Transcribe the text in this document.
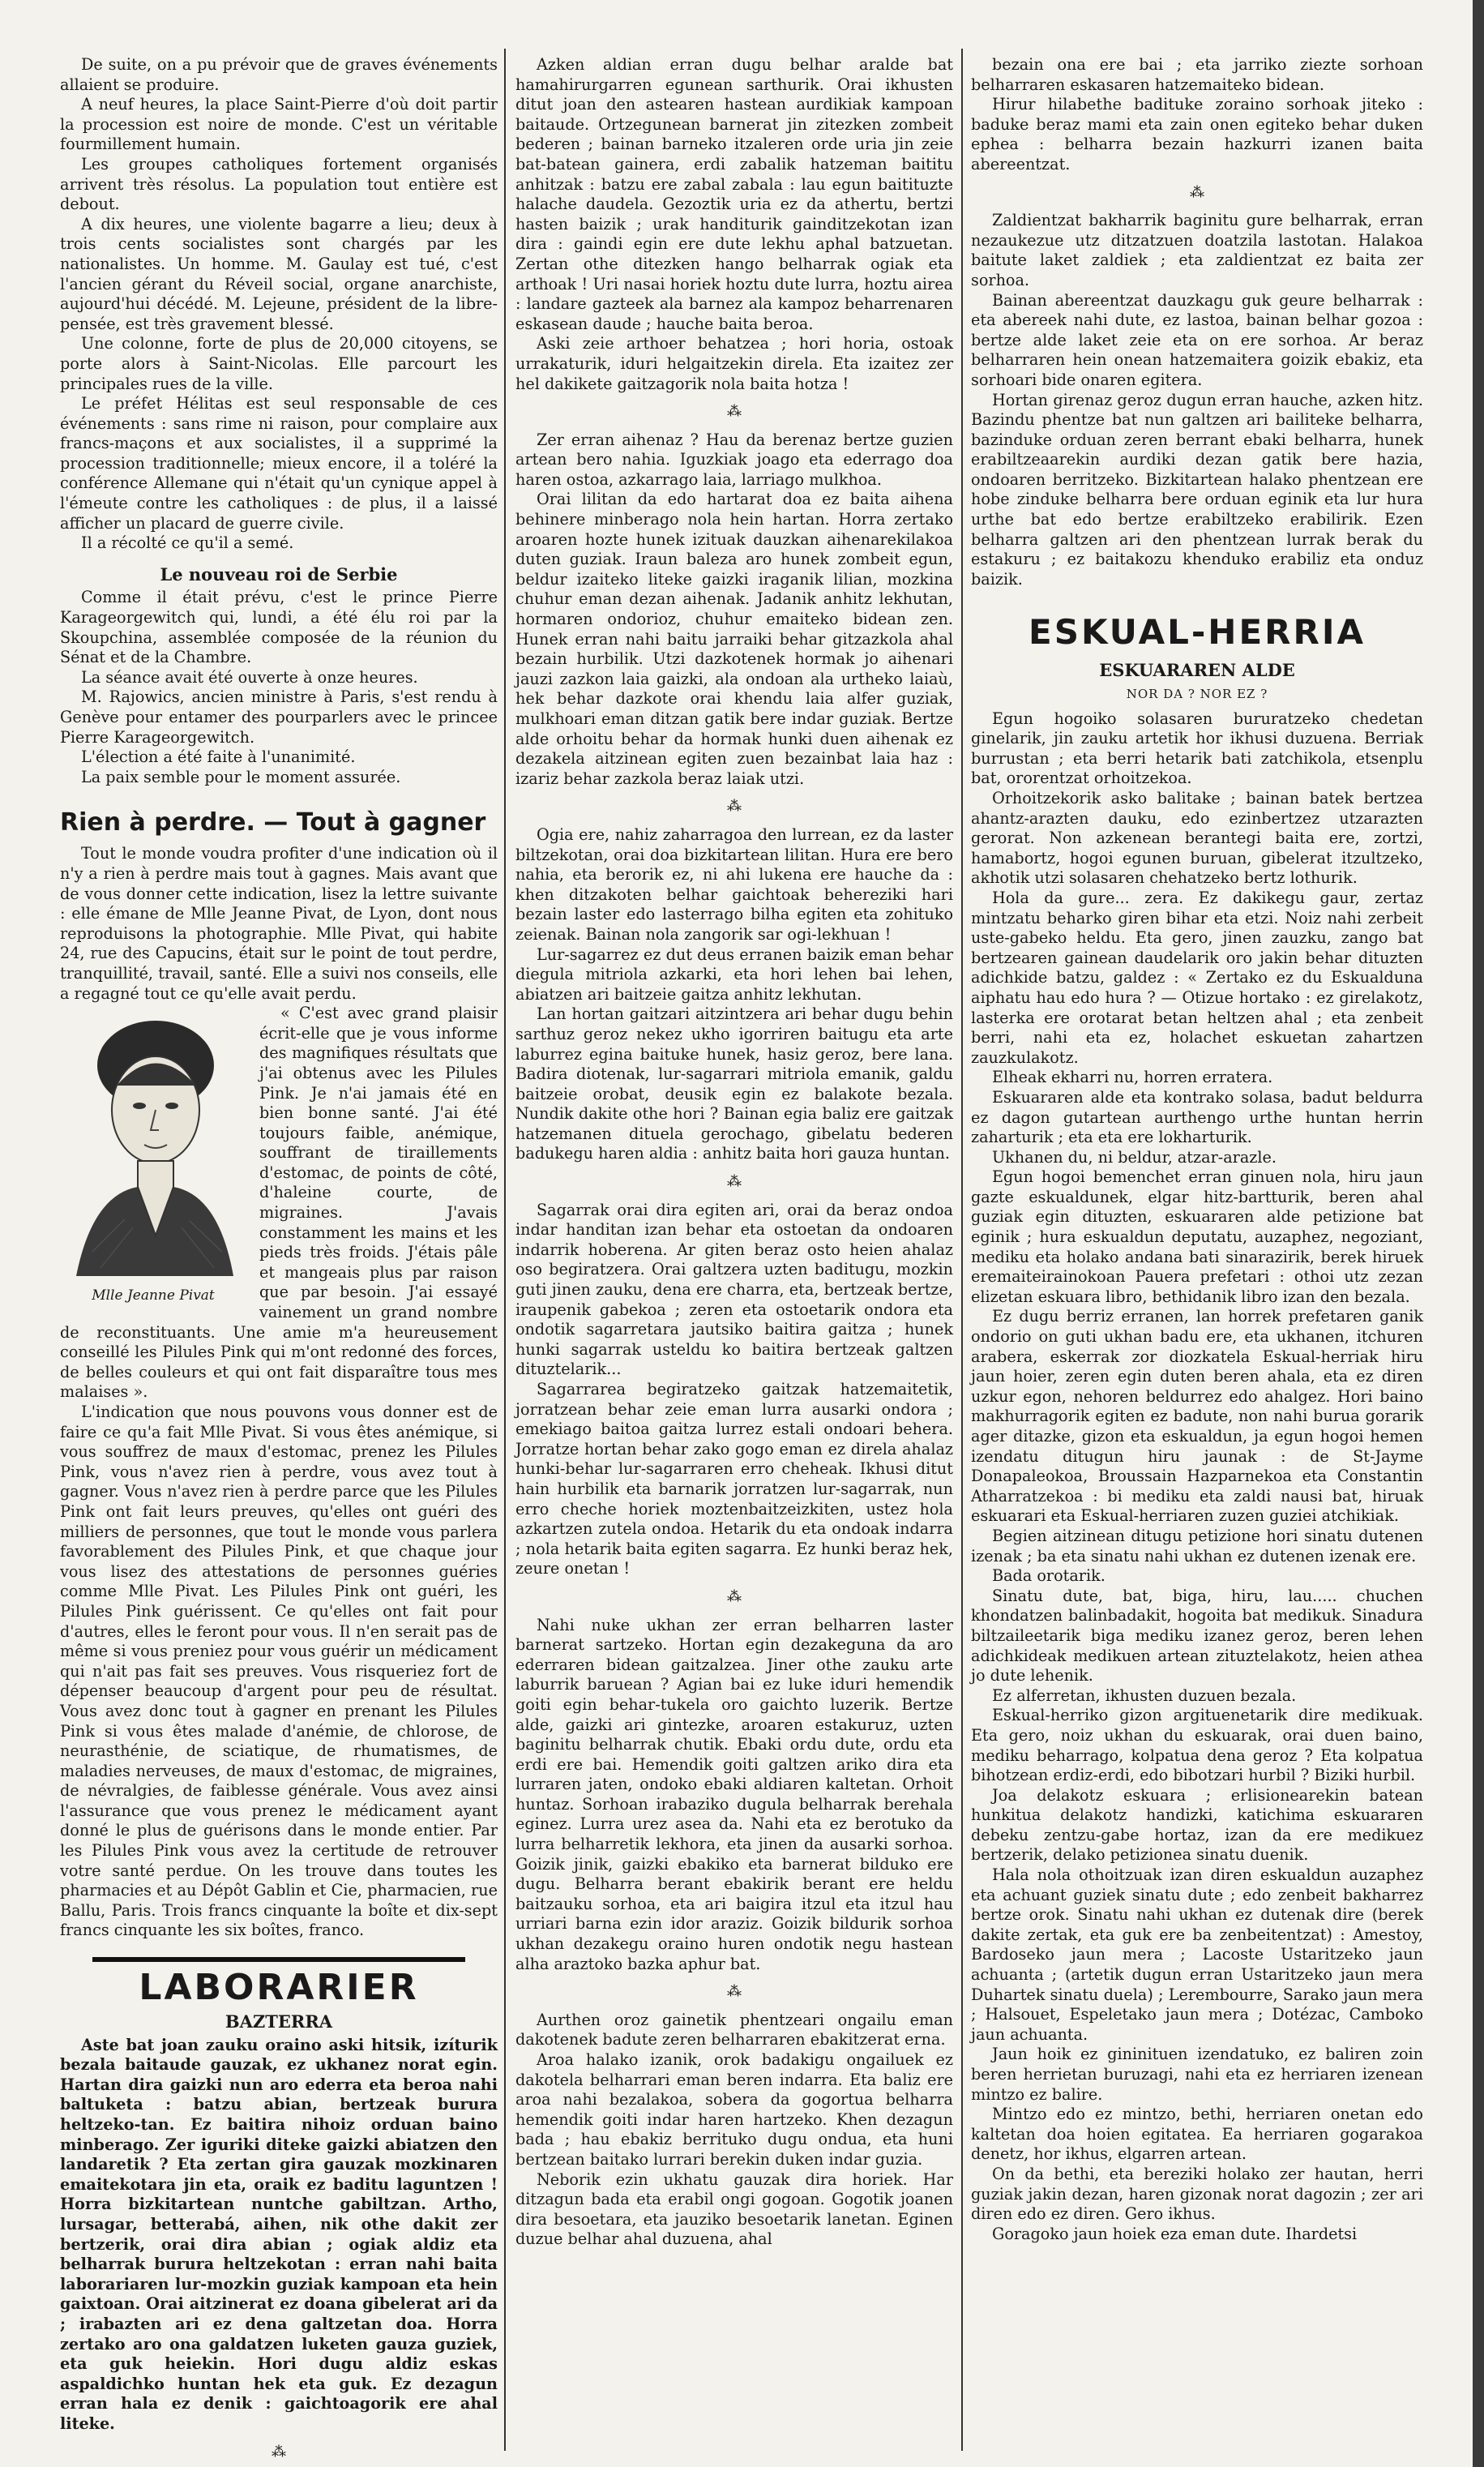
De suite, on a pu prévoir que de graves événements allaient se produire.

A neuf heures, la place Saint-Pierre d'où doit partir la procession est noire de monde. C'est un véritable fourmillement humain.

Les groupes catholiques fortement organisés arrivent très résolus. La population tout entière est debout.

A dix heures, une violente bagarre a lieu; deux à trois cents socialistes sont chargés par les nationalistes. Un homme. M. Gaulay est tué, c'est l'ancien gérant du Réveil social, organe anarchiste, aujourd'hui décédé. M. Lejeune, président de la libre-pensée, est très gravement blessé.

Une colonne, forte de plus de 20,000 citoyens, se porte alors à Saint-Nicolas. Elle parcourt les principales rues de la ville.

Le préfet Hélitas est seul responsable de ces événements : sans rime ni raison, pour complaire aux francs-maçons et aux socialistes, il a supprimé la procession traditionnelle; mieux encore, il a toléré la conférence Allemane qui n'était qu'un cynique appel à l'émeute contre les catholiques : de plus, il a laissé afficher un placard de guerre civile.

Il a récolté ce qu'il a semé.

Le nouveau roi de Serbie

Comme il était prévu, c'est le prince Pierre Karageorgewitch qui, lundi, a été élu roi par la Skoupchina, assemblée composée de la réunion du Sénat et de la Chambre.

La séance avait été ouverte à onze heures.

M. Rajowics, ancien ministre à Paris, s'est rendu à Genève pour entamer des pourparlers avec le princee Pierre Karageorgewitch.

L'élection a été faite à l'unanimité.

La paix semble pour le moment assurée.

Rien à perdre. — Tout à gagner

Tout le monde voudra profiter d'une indication où il n'y a rien à perdre mais tout à gagnes. Mais avant que de vous donner cette indication, lisez la lettre suivante : elle émane de Mlle Jeanne Pivat, de Lyon, dont nous reproduisons la photographie. Mlle Pivat, qui habite 24, rue des Capucins, était sur le point de tout perdre, tranquillité, travail, santé. Elle a suivi nos conseils, elle a regagné tout ce qu'elle avait perdu.

Mlle Jeanne Pivat

« C'est avec grand plaisir écrit-elle que je vous informe des magnifiques résultats que j'ai obtenus avec les Pilules Pink. Je n'ai jamais été en bien bonne santé. J'ai été toujours faible, anémique, souffrant de tiraillements d'estomac, de points de côté, d'haleine courte, de migraines. J'avais constamment les mains et les pieds très froids. J'étais pâle et mangeais plus par raison que par besoin. J'ai essayé vainement un grand nombre de reconstituants. Une amie m'a heureusement conseillé les Pilules Pink qui m'ont redonné des forces, de belles couleurs et qui ont fait disparaître tous mes malaises ».

L'indication que nous pouvons vous donner est de faire ce qu'a fait Mlle Pivat. Si vous êtes anémique, si vous souffrez de maux d'estomac, prenez les Pilules Pink, vous n'avez rien à perdre, vous avez tout à gagner. Vous n'avez rien à perdre parce que les Pilules Pink ont fait leurs preuves, qu'elles ont guéri des milliers de personnes, que tout le monde vous parlera favorablement des Pilules Pink, et que chaque jour vous lisez des attestations de personnes guéries comme Mlle Pivat. Les Pilules Pink ont guéri, les Pilules Pink guérissent. Ce qu'elles ont fait pour d'autres, elles le feront pour vous. Il n'en serait pas de même si vous preniez pour vous guérir un médicament qui n'ait pas fait ses preuves. Vous risqueriez fort de dépenser beaucoup d'argent pour peu de résultat. Vous avez donc tout à gagner en prenant les Pilules Pink si vous êtes malade d'anémie, de chlorose, de neurasthénie, de sciatique, de rhumatismes, de maladies nerveuses, de maux d'estomac, de migraines, de névralgies, de faiblesse générale. Vous avez ainsi l'assurance que vous prenez le médicament ayant donné le plus de guérisons dans le monde entier. Par les Pilules Pink vous avez la certitude de retrouver votre santé perdue. On les trouve dans toutes les pharmacies et au Dépôt Gablin et Cie, pharmacien, rue Ballu, Paris. Trois francs cinquante la boîte et dix-sept francs cinquante les six boîtes, franco.

LABORARIER
BAZTERRA

Aste bat joan zauku oraino aski hitsik, izíturik bezala baitaude gauzak, ez ukhanez norat egin. Hartan dira gaizki nun aro ederra eta beroa nahi baltuketa : batzu abian, bertzeak burura heltzeko-tan. Ez baitira nihoiz orduan baino minberago. Zer iguriki diteke gaizki abiatzen den landaretik ? Eta zertan gira gauzak mozkinaren emaitekotara jin eta, oraik ez baditu laguntzen ! Horra bizkitartean nuntche gabiltzan. Artho, lursagar, betterabá, aihen, nik othe dakit zer bertzerik, orai dira abian ; ogiak aldiz eta belharrak burura heltzekotan : erran nahi baita laborariaren lur-mozkin guziak kampoan eta hein gaixtoan. Orai aitzinerat ez doana gibelerat ari da ; irabazten ari ez dena galtzetan doa. Horra zertako aro ona galdatzen luketen gauza guziek, eta guk heiekin. Hori dugu aldiz eskas aspaldichko huntan hek eta guk. Ez dezagun erran hala ez denik : gaichtoagorik ere ahal liteke.

⁂

Azken aldian erran dugu belhar aralde bat hamahirurgarren egunean sarthurik. Orai ikhusten ditut joan den astearen hastean aurdikiak kampoan baitaude. Ortzegunean barnerat jin zitezken zombeit bederen ; bainan barneko itzaleren orde uria jin zeie bat-batean gainera, erdi zabalik hatzeman baititu anhitzak : batzu ere zabal zabala : lau egun baitituzte halache daudela. Gezoztik uria ez da athertu, bertzi hasten baizik ; urak handiturik gainditzekotan izan dira : gaindi egin ere dute lekhu aphal batzuetan. Zertan othe ditezken hango belharrak ogiak eta arthoak ! Uri nasai horiek hoztu dute lurra, hoztu airea : landare gazteek ala barnez ala kampoz beharrenaren eskasean daude ; hauche baita beroa.

Aski zeie arthoer behatzea ; hori horia, ostoak urrakaturik, iduri helgaitzekin direla. Eta izaitez zer hel dakikete gaitzagorik nola baita hotza !

⁂

Zer erran aihenaz ? Hau da berenaz bertze guzien artean bero nahia. Iguzkiak joago eta ederrago doa haren ostoa, azkarrago laia, larriago mulkhoa.

Orai lilitan da edo hartarat doa ez baita aihena behinere minberago nola hein hartan. Horra zertako aroaren hozte hunek izituak dauzkan aihenarekilakoa duten guziak. Iraun baleza aro hunek zombeit egun, beldur izaiteko liteke gaizki iraganik lilian, mozkina chuhur eman dezan aihenak. Jadanik anhitz lekhutan, hormaren ondorioz, chuhur emaiteko bidean zen. Hunek erran nahi baitu jarraiki behar gitzazkola ahal bezain hurbilik. Utzi dazkotenek hormak jo aihenari jauzi zazkon laia gaizki, ala ondoan ala urtheko laiaù, hek behar dazkote orai khendu laia alfer guziak, mulkhoari eman ditzan gatik bere indar guziak. Bertze alde orhoitu behar da hormak hunki duen aihenak ez dezakela aitzinean egiten zuen bezainbat laia haz : izariz behar zazkola beraz laiak utzi.

⁂

Ogia ere, nahiz zaharragoa den lurrean, ez da laster biltzekotan, orai doa bizkitartean lilitan. Hura ere bero nahia, eta berorik ez, ni ahi lukena ere hauche da : khen ditzakoten belhar gaichtoak behereziki hari bezain laster edo lasterrago bilha egiten eta zohituko zeienak. Bainan nola zangorik sar ogi-lekhuan !

Lur-sagarrez ez dut deus erranen baizik eman behar diegula mitriola azkarki, eta hori lehen bai lehen, abiatzen ari baitzeie gaitza anhitz lekhutan.

Lan hortan gaitzari aitzintzera ari behar dugu behin sarthuz geroz nekez ukho igorriren baitugu eta arte laburrez egina baituke hunek, hasiz geroz, bere lana. Badira diotenak, lur-sagarrari mitriola emanik, galdu baitzeie orobat, deusik egin ez balakote bezala. Nundik dakite othe hori ? Bainan egia baliz ere gaitzak hatzemanen dituela gerochago, gibelatu bederen badukegu haren aldia : anhitz baita hori gauza huntan.

⁂

Sagarrak orai dira egiten ari, orai da beraz ondoa indar handitan izan behar eta ostoetan da ondoaren indarrik hoberena. Ar giten beraz osto heien ahalaz oso begiratzera. Orai galtzera uzten baditugu, mozkin guti jinen zauku, dena ere charra, eta, bertzeak bertze, iraupenik gabekoa ; zeren eta ostoetarik ondora eta ondotik sagarretara jautsiko baitira gaitza ; hunek hunki sagarrak usteldu ko baitira bertzeak galtzen dituztelarik...

Sagarrarea begiratzeko gaitzak hatzemaitetik, jorratzean behar zeie eman lurra ausarki ondora ; emekiago baitoa gaitza lurrez estali ondoari behera. Jorratze hortan behar zako gogo eman ez direla ahalaz hunki-behar lur-sagarraren erro cheheak. Ikhusi ditut hain hurbilik eta barnarik jorratzen lur-sagarrak, nun erro cheche horiek moztenbaitzeizkiten, ustez hola azkartzen zutela ondoa. Hetarik du eta ondoak indarra ; nola hetarik baita egiten sagarra. Ez hunki beraz hek, zeure onetan !

⁂

Nahi nuke ukhan zer erran belharren laster barnerat sartzeko. Hortan egin dezakeguna da aro ederraren bidean gaitzalzea. Jiner othe zauku arte laburrik baruean ? Agian bai ez luke iduri hemendik goiti egin behar-tukela oro gaichto luzerik. Bertze alde, gaizki ari gintezke, aroaren estakuruz, uzten baginitu belharrak chutik. Ebaki ordu dute, ordu eta erdi ere bai. Hemendik goiti galtzen ariko dira eta lurraren jaten, ondoko ebaki aldiaren kaltetan. Orhoit huntaz. Sorhoan irabaziko dugula belharrak berehala eginez. Lurra urez asea da. Nahi eta ez berotuko da lurra belharretik lekhora, eta jinen da ausarki sorhoa. Goizik jinik, gaizki ebakiko eta barnerat bilduko ere dugu. Belharra berant ebakirik berant ere heldu baitzauku sorhoa, eta ari baigira itzul eta itzul hau urriari barna ezin idor araziz. Goizik bildurik sorhoa ukhan dezakegu oraino huren ondotik negu hastean alha araztoko bazka aphur bat.

⁂

Aurthen oroz gainetik phentzeari ongailu eman dakotenek badute zeren belharraren ebakitzerat erna.

Aroa halako izanik, orok badakigu ongailuek ez dakotela belharrari eman beren indarra. Eta baliz ere aroa nahi bezalakoa, sobera da gogortua belharra hemendik goiti indar haren hartzeko. Khen dezagun bada ; hau ebakiz berrituko dugu ondua, eta huni bertzean baitako lurrari berekin duken indar guzia.

Neborik ezin ukhatu gauzak dira horiek. Har ditzagun bada eta erabil ongi gogoan. Gogotik joanen dira besoetara, eta jauziko besoetarik lanetan. Eginen duzue belhar ahal duzuena, ahal

bezain ona ere bai ; eta jarriko ziezte sorhoan belharraren eskasaren hatzemaiteko bidean.

Hirur hilabethe badituke zoraino sorhoak jiteko : baduke beraz mami eta zain onen egiteko behar duken ephea : belharra bezain hazkurri izanen baita abereentzat.

⁂

Zaldientzat bakharrik baginitu gure belharrak, erran nezaukezue utz ditzatzuen doatzila lastotan. Halakoa baitute laket zaldiek ; eta zaldientzat ez baita zer sorhoa.

Bainan abereentzat dauzkagu guk geure belharrak : eta abereek nahi dute, ez lastoa, bainan belhar gozoa : bertze alde laket zeie eta on ere sorhoa. Ar beraz belharraren hein onean hatzemaitera goizik ebakiz, eta sorhoari bide onaren egitera.

Hortan girenaz geroz dugun erran hauche, azken hitz. Bazindu phentze bat nun galtzen ari bailiteke belharra, bazinduke orduan zeren berrant ebaki belharra, hunek erabiltzeaarekin aurdiki dezan gatik bere hazia, ondoaren berritzeko. Bizkitartean halako phentzean ere hobe zinduke belharra bere orduan eginik eta lur hura urthe bat edo bertze erabiltzeko erabilirik. Ezen belharra galtzen ari den phentzean lurrak berak du estakuru ; ez baitakozu khenduko erabiliz eta onduz baizik.

ESKUAL-HERRIA
ESKUARAREN ALDE
NOR DA ? NOR EZ ?

Egun hogoiko solasaren bururatzeko chedetan ginelarik, jin zauku artetik hor ikhusi duzuena. Berriak burrustan ; eta berri hetarik bati zatchikola, etsenplu bat, ororentzat orhoitzekoa.

Orhoitzekorik asko balitake ; bainan batek bertzea ahantz-arazten dauku, edo ezinbertzez utzarazten gerorat. Non azkenean berantegi baita ere, zortzi, hamabortz, hogoi egunen buruan, gibelerat itzultzeko, akhotik utzi solasaren chehatzeko bertz lothurik.

Hola da gure... zera. Ez dakikegu gaur, zertaz mintzatu beharko giren bihar eta etzi. Noiz nahi zerbeit uste-gabeko heldu. Eta gero, jinen zauzku, zango bat bertzearen gainean daudelarik oro jakin behar dituzten adichkide batzu, galdez : « Zertako ez du Eskualduna aiphatu hau edo hura ? — Otizue hortako : ez girelakotz, lasterka ere orotarat betan heltzen ahal ; eta zenbeit berri, nahi eta ez, holachet eskuetan zahartzen zauzkulakotz.

Elheak ekharri nu, horren erratera.

Eskuararen alde eta kontrako solasa, badut beldurra ez dagon gutartean aurthengo urthe huntan herrin zaharturik ; eta eta ere lokharturik.

Ukhanen du, ni beldur, atzar-arazle.

Egun hogoi bemenchet erran ginuen nola, hiru jaun gazte eskualdunek, elgar hitz-bartturik, beren ahal guziak egin dituzten, eskuararen alde petizione bat eginik ; hura eskualdun deputatu, auzaphez, negoziant, mediku eta holako andana bati sinarazirik, berek hiruek eremaiteirainokoan Pauera prefetari : othoi utz zezan elizetan eskuara libro, bethidanik libro izan den bezala.

Ez dugu berriz erranen, lan horrek prefetaren ganik ondorio on guti ukhan badu ere, eta ukhanen, itchuren arabera, eskerrak zor diozkatela Eskual-herriak hiru jaun hoier, zeren egin duten beren ahala, eta ez diren uzkur egon, nehoren beldurrez edo ahalgez. Hori baino makhurragorik egiten ez badute, non nahi burua gorarik ager ditazke, gizon eta eskualdun, ja egun hogoi hemen izendatu ditugun hiru jaunak : de St-Jayme Donapaleokoa, Broussain Hazparnekoa eta Constantin Atharratzekoa : bi mediku eta zaldi nausi bat, hiruak eskuarari eta Eskual-herriaren zuzen guziei atchikiak.

Begien aitzinean ditugu petizione hori sinatu dutenen izenak ; ba eta sinatu nahi ukhan ez dutenen izenak ere.

Bada orotarik.

Sinatu dute, bat, biga, hiru, lau..... chuchen khondatzen balinbadakit, hogoita bat medikuk. Sinadura biltzaileetarik biga mediku izanez geroz, beren lehen adichkideak medikuen artean zituztelakotz, heien athea jo dute lehenik.

Ez alferretan, ikhusten duzuen bezala.

Eskual-herriko gizon argituenetarik dire medikuak. Eta gero, noiz ukhan du eskuarak, orai duen baino, mediku beharrago, kolpatua dena geroz ? Eta kolpatua bihotzean erdiz-erdi, edo bibotzari hurbil ? Biziki hurbil.

Joa delakotz eskuara ; erlisionearekin batean hunkitua delakotz handizki, katichima eskuararen debeku zentzu-gabe hortaz, izan da ere medikuez bertzerik, delako petizionea sinatu duenik.

Hala nola othoitzuak izan diren eskualdun auzaphez eta achuant guziek sinatu dute ; edo zenbeit bakharrez bertze orok. Sinatu nahi ukhan ez dutenak dire (berek dakite zertak, eta guk ere ba zenbeitentzat) : Amestoy, Bardoseko jaun mera ; Lacoste Ustaritzeko jaun achuanta ; (artetik dugun erran Ustaritzeko jaun mera Duhartek sinatu duela) ; Lerembourre, Sarako jaun mera ; Halsouet, Espeletako jaun mera ; Dotézac, Camboko jaun achuanta.

Jaun hoik ez gininituen izendatuko, ez baliren zoin beren herrietan buruzagi, nahi eta ez herriaren izenean mintzo ez balire.

Mintzo edo ez mintzo, bethi, herriaren onetan edo kaltetan doa hoien egitatea. Ea herriaren gogarakoa denetz, hor ikhus, elgarren artean.

On da bethi, eta bereziki holako zer hautan, herri guziak jakin dezan, haren gizonak norat dagozin ; zer ari diren edo ez diren. Gero ikhus.

Goragoko jaun hoiek eza eman dute. Ihardetsi
